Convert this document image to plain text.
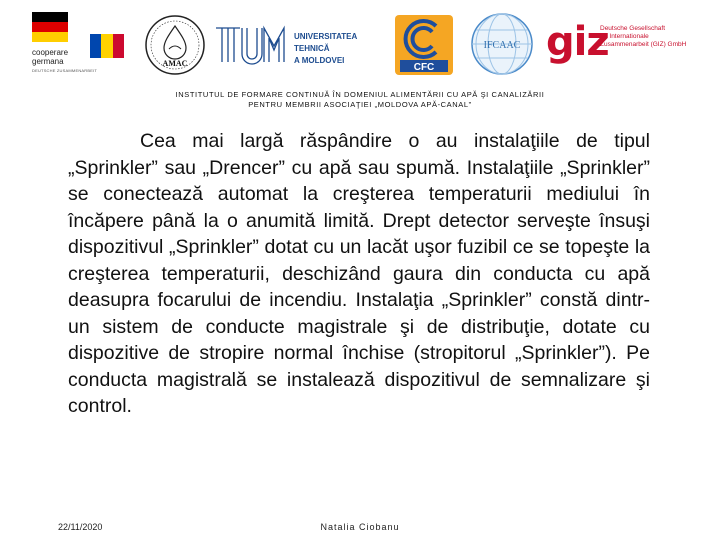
cooperare
germana
DEUTSCHE ZUSAMMENARBEIT
AMAC
UNIVERSITATEA TEHNICĂ
A MOLDOVEI
CFC
IFCAAC giz
Deutsche Gesellschaft
für Internationale
Zusammenarbeit (GIZ) GmbH
INSTITUTUL DE FORMARE CONTINUĂ ÎN DOMENIUL ALIMENTĂRII CU APĂ ŞI CANALIZĂRII
PENTRU MEMBRII ASOCIAŢIEI „MOLDOVA APĂ-CANAL”

Cea mai largă răspândire o au instalaţiile de tipul „Sprinkler” sau „Drencer” cu apă sau spumă. Instalaţiile „Sprinkler” se conectează automat la creşterea temperaturii mediului în încăpere până la o anumită limită. Drept detector serveşte însuşi dispozitivul „Sprinkler” dotat cu un lacăt uşor fuzibil ce se topeşte la creşterea temperaturii, deschizând gaura din conducta cu apă deasupra focarului de incendiu. Instalaţia „Sprinkler” constă dintr-un sistem de conducte magistrale şi de distribuţie, dotate cu dispozitive de stropire normal închise (stropitorul „Sprinkler”). Pe conducta magistrală se instalează dispozitivul de semnalizare şi control.

22/11/2020	Natalia Ciobanu
